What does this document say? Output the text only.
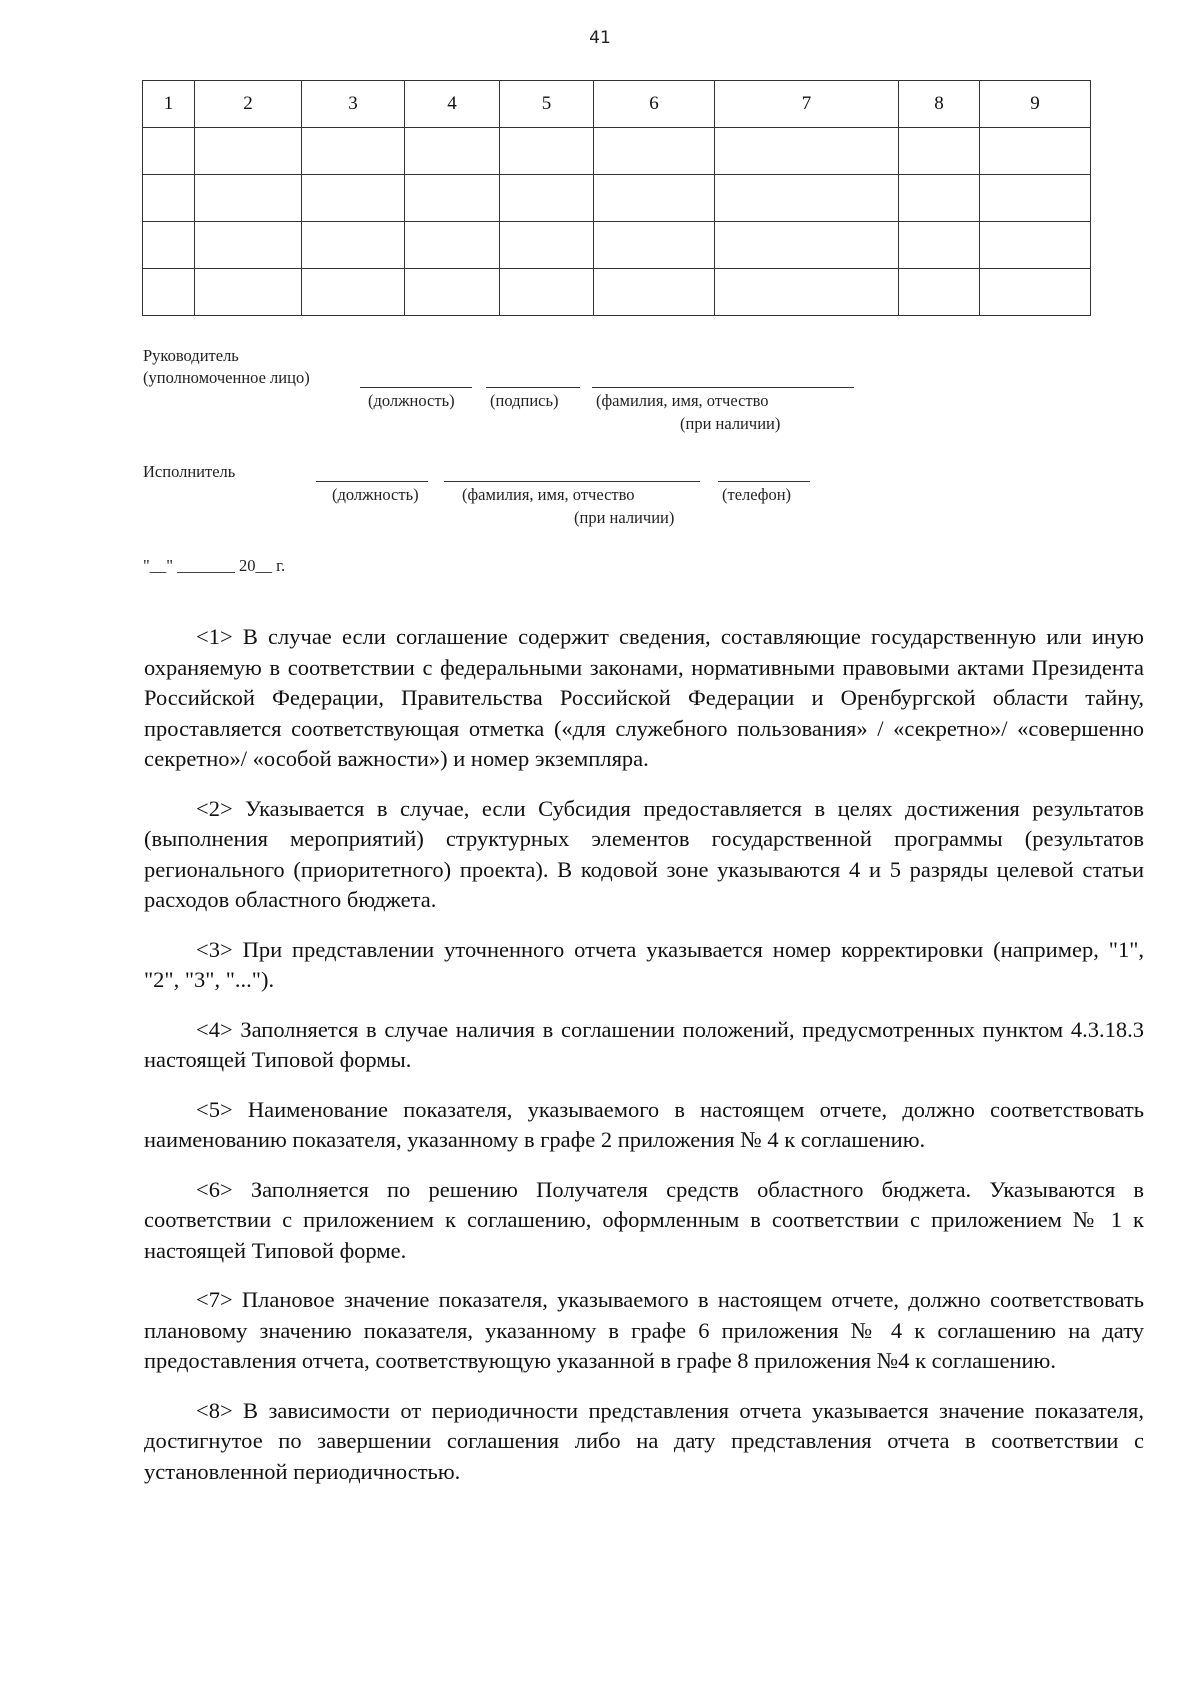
41
1	2	3	4	5	6	7	8	9

Руководитель
(уполномоченное лицо)
(должность) (подпись) (фамилия, имя, отчество
(при наличии)
Исполнитель
(должность)	(фамилия, имя, отчество
(при наличии)
(телефон)
"__" _______ 20__ г.

<1> В случае если соглашение содержит сведения, составляющие государственную или иную охраняемую в соответствии с федеральными законами, нормативными правовыми актами Президента Российской Федерации, Правительства Российской Федерации и Оренбургской области тайну, проставляется соответствующая отметка («для служебного пользования» / «секретно»/ «совершенно секретно»/ «особой важности») и номер экземпляра.

<2> Указывается в случае, если Субсидия предоставляется в целях достижения результатов (выполнения мероприятий) структурных элементов государственной программы (результатов регионального (приоритетного) проекта). В кодовой зоне указываются 4 и 5 разряды целевой статьи расходов областного бюджета.

<3> При представлении уточненного отчета указывается номер корректировки (например, "1", "2", "3", "...").

<4> Заполняется в случае наличия в соглашении положений, предусмотренных пунктом 4.3.18.3 настоящей Типовой формы.

<5> Наименование показателя, указываемого в настоящем отчете, должно соответствовать наименованию показателя, указанному в графе 2 приложения № 4 к соглашению.

<6> Заполняется по решению Получателя средств областного бюджета. Указываются в соответствии с приложением к соглашению, оформленным в соответствии с приложением № 1 к настоящей Типовой форме.

<7> Плановое значение показателя, указываемого в настоящем отчете, должно соответствовать плановому значению показателя, указанному в графе 6 приложения № 4 к соглашению на дату предоставления отчета, соответствующую указанной в графе 8 приложения №4 к соглашению.

<8> В зависимости от периодичности представления отчета указывается значение показателя, достигнутое по завершении соглашения либо на дату представления отчета в соответствии с установленной периодичностью.
